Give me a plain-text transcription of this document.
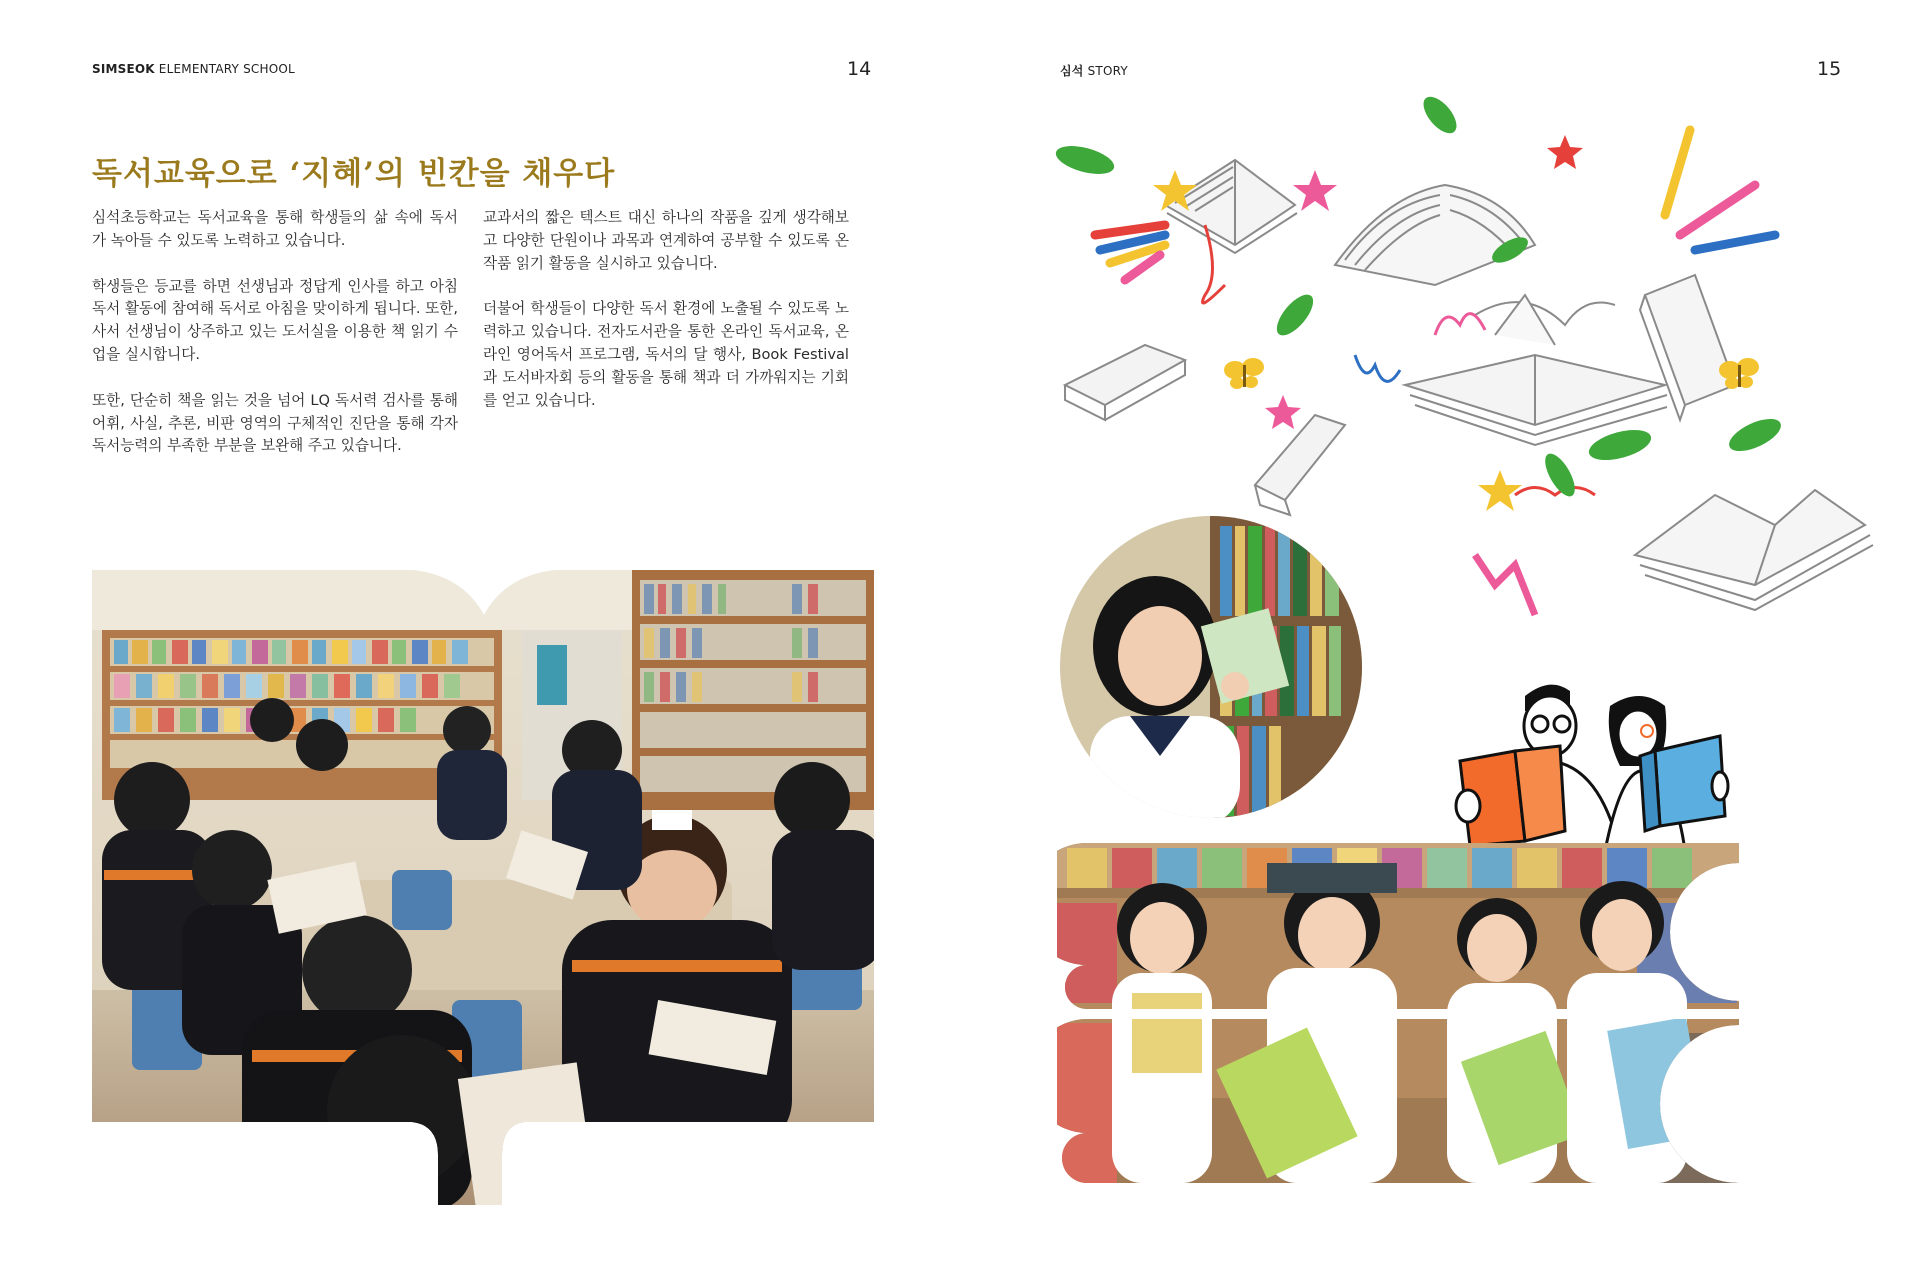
SIMSEOK ELEMENTARY SCHOOL	14
독서교육으로 ‘지혜’의 빈칸을 채우다

심석초등학교는 독서교육을 통해 학생들의 삶 속에 독서가 녹아들 수 있도록 노력하고 있습니다.

학생들은 등교를 하면 선생님과 정답게 인사를 하고 아침 독서 활동에 참여해 독서로 아침을 맞이하게 됩니다. 또한, 사서 선생님이 상주하고 있는 도서실을 이용한 책 읽기 수업을 실시합니다.

또한, 단순히 책을 읽는 것을 넘어 LQ 독서력 검사를 통해 어휘, 사실, 추론, 비판 영역의 구체적인 진단을 통해 각자 독서능력의 부족한 부분을 보완해 주고 있습니다.

교과서의 짧은 텍스트 대신 하나의 작품을 깊게 생각해보고 다양한 단원이나 과목과 연계하여 공부할 수 있도록 온작품 읽기 활동을 실시하고 있습니다.

더불어 학생들이 다양한 독서 환경에 노출될 수 있도록 노력하고 있습니다. 전자도서관을 통한 온라인 독서교육, 온라인 영어독서 프로그램, 독서의 달 행사, Book Festival과 도서바자회 등의 활동을 통해 책과 더 가까워지는 기회를 얻고 있습니다.

심석 STORY	15
